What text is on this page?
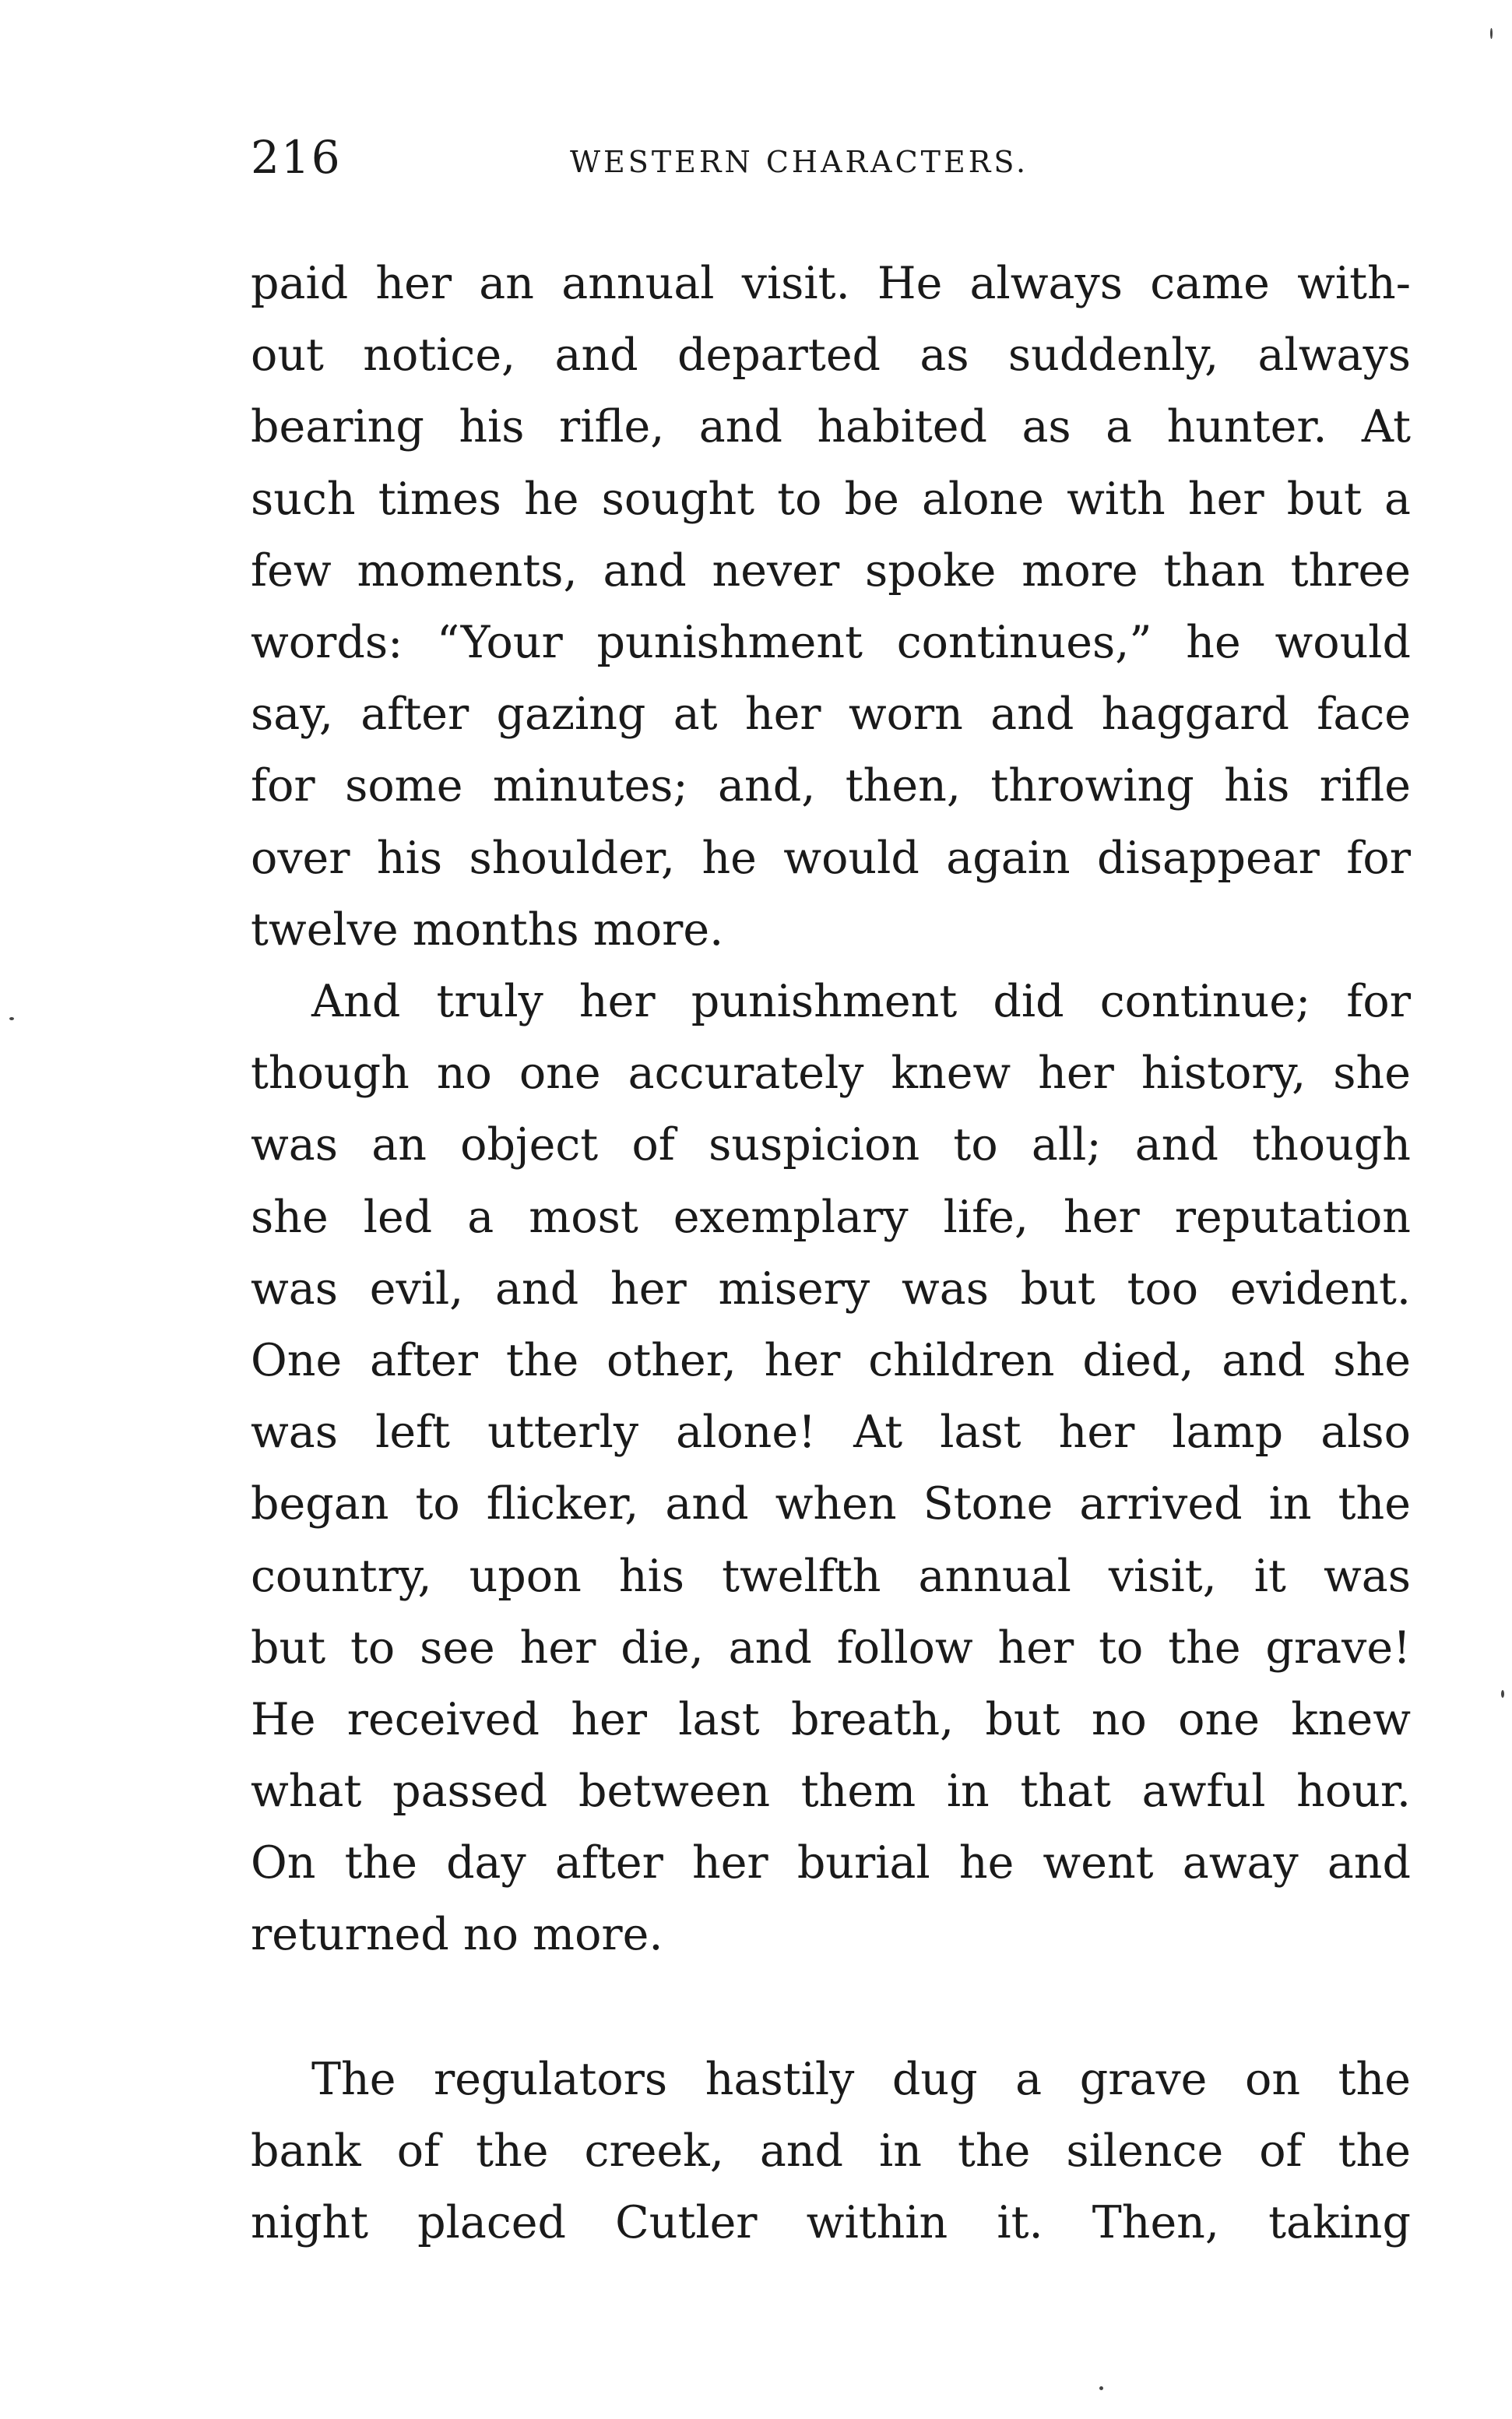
216	WESTERN CHARACTERS.
paid her an annual visit. He always came with-
out notice, and departed as suddenly, always
bearing his rifle, and habited as a hunter. At
such times he sought to be alone with her but a
few moments, and never spoke more than three
words: “Your punishment continues,” he would
say, after gazing at her worn and haggard face
for some minutes; and, then, throwing his rifle
over his shoulder, he would again disappear for
twelve months more.
And truly her punishment did continue; for
though no one accurately knew her history, she
was an object of suspicion to all; and though
she led a most exemplary life, her reputation
was evil, and her misery was but too evident.
One after the other, her children died, and she
was left utterly alone! At last her lamp also
began to flicker, and when Stone arrived in the
country, upon his twelfth annual visit, it was
but to see her die, and follow her to the grave!
He received her last breath, but no one knew
what passed between them in that awful hour.
On the day after her burial he went away and
returned no more.
The regulators hastily dug a grave on the
bank of the creek, and in the silence of the
night placed Cutler within it. Then, taking
